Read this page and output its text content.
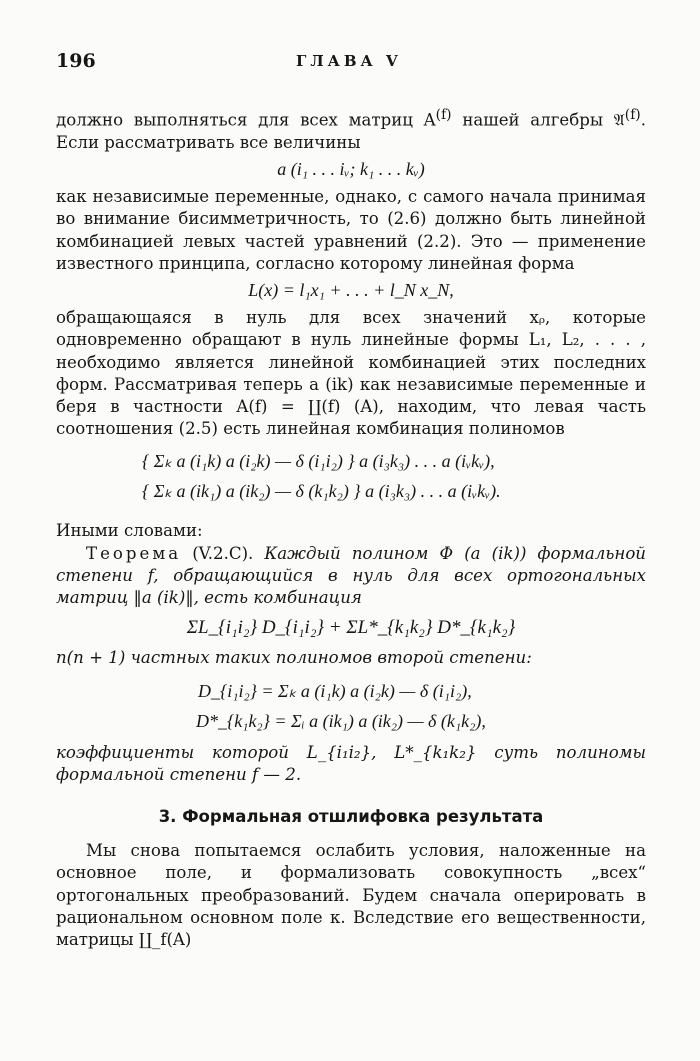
196	ГЛАВА V

должно выполняться для всех матриц $A^{(f)}$ нашей алгебры 𝔄$^{(f)}$. Если рассматривать все величины

a (i₁ . . . iᵥ; k₁ . . . kᵥ)

как независимые переменные, однако, с самого начала принимая во внимание бисимметричность, то (2.6) должно быть линейной комбинацией левых частей уравнений (2.2). Это — применение известного принципа, согласно которому линейная форма

L(x) = l₁x₁ + . . . + l_N x_N,

обращающаяся в нуль для всех значений xᵨ, которые одновременно обращают в нуль линейные формы L₁, L₂, . . . , необходимо является линейной комбинацией этих последних форм. Рассматривая теперь a (ik) как независимые переменные и беря в частности A(f) = ∐(f) (A), находим, что левая часть соотношения (2.5) есть линейная комбинация полиномов

{ Σₖ a (i₁k) a (i₂k) — δ (i₁i₂) } a (i₃k₃) . . . a (iᵥkᵥ),
{ Σₖ a (ik₁) a (ik₂) — δ (k₁k₂) } a (i₃k₃) . . . a (iᵥkᵥ).

Иными словами:

Теорема (V.2.C). Каждый полином Φ (a (ik)) формальной степени f, обращающийся в нуль для всех ортогональных матриц ‖a (ik)‖, есть комбинация

ΣL_{i₁i₂} D_{i₁i₂} + ΣL*_{k₁k₂} D*_{k₁k₂}

n(n + 1) частных таких полиномов второй степени:

D_{i₁i₂} = Σₖ a (i₁k) a (i₂k) — δ (i₁i₂),
D*_{k₁k₂} = Σᵢ a (ik₁) a (ik₂) — δ (k₁k₂),

коэффициенты которой L_{i₁i₂}, L*_{k₁k₂} суть полиномы формальной степени f — 2.

3. Формальная отшлифовка результата

Мы снова попытаемся ослабить условия, наложенные на основное поле, и формализовать совокупность „всех“ ортогональных преобразований. Будем сначала оперировать в рациональном основном поле κ. Вследствие его вещественности, матрицы ∐_f(A)
